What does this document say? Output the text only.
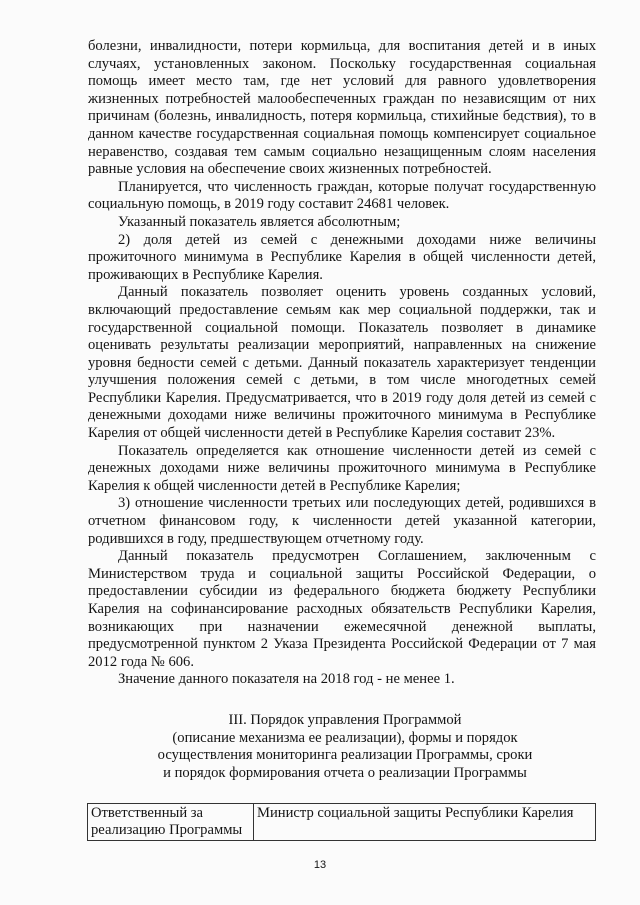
болезни, инвалидности, потери кормильца, для воспитания детей и в иных случаях, установленных законом. Поскольку государственная социальная помощь имеет место там, где нет условий для равного удовлетворения жизненных потребностей малообеспеченных граждан по независящим от них причинам (болезнь, инвалидность, потеря кормильца, стихийные бедствия), то в данном качестве государственная социальная помощь компенсирует социальное неравенство, создавая тем самым социально незащищенным слоям населения равные условия на обеспечение своих жизненных потребностей.

Планируется, что численность граждан, которые получат государственную социальную помощь, в 2019 году составит 24681 человек.

Указанный показатель является абсолютным;

2) доля детей из семей с денежными доходами ниже величины прожиточного минимума в Республике Карелия в общей численности детей, проживающих в Республике Карелия.

Данный показатель позволяет оценить уровень созданных условий, включающий предоставление семьям как мер социальной поддержки, так и государственной социальной помощи. Показатель позволяет в динамике оценивать результаты реализации мероприятий, направленных на снижение уровня бедности семей с детьми. Данный показатель характеризует тенденции улучшения положения семей с детьми, в том числе многодетных семей Республики Карелия. Предусматривается, что в 2019 году доля детей из семей с денежными доходами ниже величины прожиточного минимума в Республике Карелия от общей численности детей в Республике Карелия составит 23%.

Показатель определяется как отношение численности детей из семей с денежных доходами ниже величины прожиточного минимума в Республике Карелия к общей численности детей в Республике Карелия;

3) отношение численности третьих или последующих детей, родившихся в отчетном финансовом году, к численности детей указанной категории, родившихся в году, предшествующем отчетному году.

Данный показатель предусмотрен Соглашением, заключенным с Министерством труда и социальной защиты Российской Федерации, о предоставлении субсидии из федерального бюджета бюджету Республики Карелия на софинансирование расходных обязательств Республики Карелия, возникающих при назначении ежемесячной денежной выплаты, предусмотренной пунктом 2 Указа Президента Российской Федерации от 7 мая 2012 года № 606.

Значение данного показателя на 2018 год - не менее 1.

III. Порядок управления Программой
(описание механизма ее реализации), формы и порядок
осуществления мониторинга реализации Программы, сроки
и порядок формирования отчета о реализации Программы
Ответственный за реализацию Программы	Министр социальной защиты Республики Карелия
13
